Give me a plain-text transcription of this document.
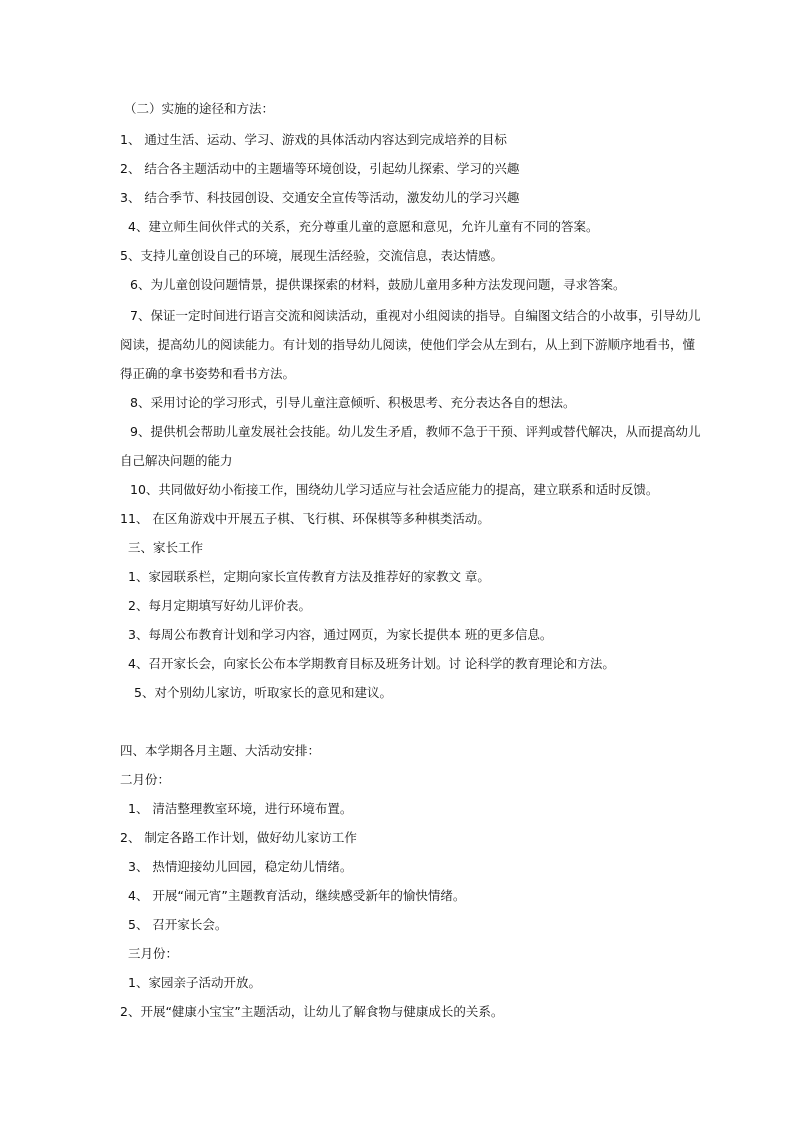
（二）实施的途径和方法：
1、 通过生活、运动、学习、游戏的具体活动内容达到完成培养的目标
2、 结合各主题活动中的主题墙等环境创设，引起幼儿探索、学习的兴趣
3、 结合季节、科技园创设、交通安全宣传等活动，激发幼儿的学习兴趣
4、建立师生间伙伴式的关系，充分尊重儿童的意愿和意见，允许儿童有不同的答案。
5、支持儿童创设自己的环境，展现生活经验，交流信息，表达情感。
6、为儿童创设问题情景，提供课探索的材料，鼓励儿童用多种方法发现问题，寻求答案。
7、保证一定时间进行语言交流和阅读活动，重视对小组阅读的指导。自编图文结合的小故事，引导幼儿
阅读，提高幼儿的阅读能力。有计划的指导幼儿阅读，使他们学会从左到右，从上到下游顺序地看书，懂
得正确的拿书姿势和看书方法。
8、采用讨论的学习形式，引导儿童注意倾听、积极思考、充分表达各自的想法。
9、提供机会帮助儿童发展社会技能。幼儿发生矛盾，教师不急于干预、评判或替代解决，从而提高幼儿
自己解决问题的能力
10、共同做好幼小衔接工作，围绕幼儿学习适应与社会适应能力的提高，建立联系和适时反馈。
11、 在区角游戏中开展五子棋、飞行棋、环保棋等多种棋类活动。
三、家长工作
1、家园联系栏，定期向家长宣传教育方法及推荐好的家教文 章。
2、每月定期填写好幼儿评价表。
3、每周公布教育计划和学习内容，通过网页，为家长提供本 班的更多信息。
4、召开家长会，向家长公布本学期教育目标及班务计划。讨 论科学的教育理论和方法。
5、对个别幼儿家访，听取家长的意见和建议。
四、本学期各月主题、大活动安排：
二月份：
1、 清洁整理教室环境，进行环境布置。
2、 制定各路工作计划，做好幼儿家访工作
3、 热情迎接幼儿回园，稳定幼儿情绪。
4、 开展“闹元宵”主题教育活动，继续感受新年的愉快情绪。
5、 召开家长会。
三月份：
1、家园亲子活动开放。
2、开展“健康小宝宝”主题活动，让幼儿了解食物与健康成长的关系。
